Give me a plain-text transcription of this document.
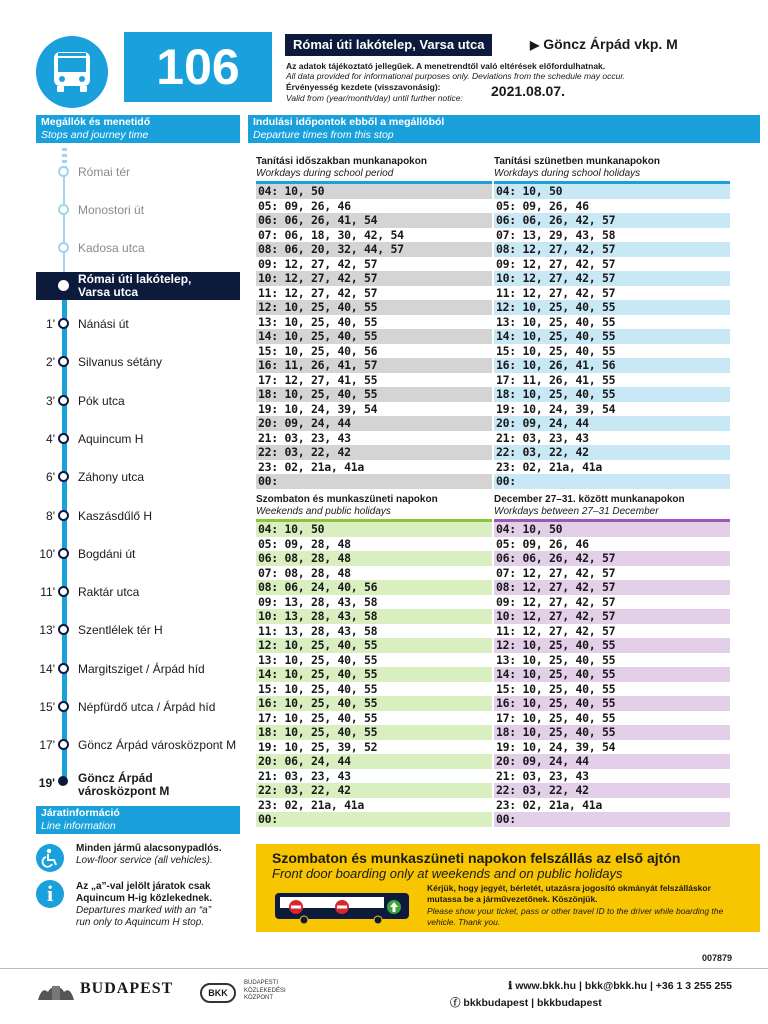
106	Római úti lakótelep, Varsa utca	▶ Göncz Árpád vkp. M
Az adatok tájékoztató jellegűek. A menetrendtől való eltérések előfordulhatnak.
All data provided for informational purposes only. Deviations from the schedule may occur.
Érvényesség kezdete (visszavonásig):
Valid from (year/month/day) until further notice: 2021.08.07.
Megállók és menetidő
Stops and journey time
Indulási időpontok ebből a megállóból
Departure times from this stop
Római tér
Monostori út
Kadosa utca
Római úti lakótelep,
Varsa utca
1' Nánási út
2' Silvanus sétány
3' Pók utca
4' Aquincum H
6' Záhony utca
8' Kaszásdűlő H
10' Bogdáni út
11' Raktár utca
13' Szentlélek tér H
14' Margitsziget / Árpád híd
15' Népfürdő utca / Árpád híd
17' Göncz Árpád városközpont M
19' Göncz Árpád
városközpont M
Tanítási időszakban munkanapokon
Workdays during school period
04: 10, 50
05: 09, 26, 46
06: 06, 26, 41, 54
07: 06, 18, 30, 42, 54
08: 06, 20, 32, 44, 57
09: 12, 27, 42, 57
10: 12, 27, 42, 57
11: 12, 27, 42, 57
12: 10, 25, 40, 55
13: 10, 25, 40, 55
14: 10, 25, 40, 55
15: 10, 25, 40, 56
16: 11, 26, 41, 57
17: 12, 27, 41, 55
18: 10, 25, 40, 55
19: 10, 24, 39, 54
20: 09, 24, 44
21: 03, 23, 43
22: 03, 22, 42
23: 02, 21a, 41a
00:
Tanítási szünetben munkanapokon
Workdays during school holidays
04: 10, 50
05: 09, 26, 46
06: 06, 26, 42, 57
07: 13, 29, 43, 58
08: 12, 27, 42, 57
09: 12, 27, 42, 57
10: 12, 27, 42, 57
11: 12, 27, 42, 57
12: 10, 25, 40, 55
13: 10, 25, 40, 55
14: 10, 25, 40, 55
15: 10, 25, 40, 55
16: 10, 26, 41, 56
17: 11, 26, 41, 55
18: 10, 25, 40, 55
19: 10, 24, 39, 54
20: 09, 24, 44
21: 03, 23, 43
22: 03, 22, 42
23: 02, 21a, 41a
00:
Szombaton és munkaszüneti napokon
Weekends and public holidays
04: 10, 50
05: 09, 28, 48
06: 08, 28, 48
07: 08, 28, 48
08: 06, 24, 40, 56
09: 13, 28, 43, 58
10: 13, 28, 43, 58
11: 13, 28, 43, 58
12: 10, 25, 40, 55
13: 10, 25, 40, 55
14: 10, 25, 40, 55
15: 10, 25, 40, 55
16: 10, 25, 40, 55
17: 10, 25, 40, 55
18: 10, 25, 40, 55
19: 10, 25, 39, 52
20: 06, 24, 44
21: 03, 23, 43
22: 03, 22, 42
23: 02, 21a, 41a
00:
December 27–31. között munkanapokon
Workdays between 27–31 December
04: 10, 50
05: 09, 26, 46
06: 06, 26, 42, 57
07: 12, 27, 42, 57
08: 12, 27, 42, 57
09: 12, 27, 42, 57
10: 12, 27, 42, 57
11: 12, 27, 42, 57
12: 10, 25, 40, 55
13: 10, 25, 40, 55
14: 10, 25, 40, 55
15: 10, 25, 40, 55
16: 10, 25, 40, 55
17: 10, 25, 40, 55
18: 10, 25, 40, 55
19: 10, 24, 39, 54
20: 09, 24, 44
21: 03, 23, 43
22: 03, 22, 42
23: 02, 21a, 41a
00:
Járatinformáció
Line information
Minden jármű alacsonypadlós.
Low-floor service (all vehicles).
i	Az „a”-val jelölt járatok csak
Aquincum H-ig közlekednek.
Departures marked with an “a”
run only to Aquincum H stop.
Szombaton és munkaszüneti napokon felszállás az első ajtón
Front door boarding only at weekends and on public holidays
Kérjük, hogy jegyét, bérletét, utazásra jogosító okmányát felszálláskor mutassa be a járművezetőnek. Köszönjük.
Please show your ticket, pass or other travel ID to the driver while boarding the vehicle. Thank you.
007879
BUDAPEST	BKK
BUDAPESTI
KÖZLEKEDÉSI
KÖZPONT
ℹ www.bkk.hu | bkk@bkk.hu | +36 1 3 255 255
ⓕ bkkbudapest | bkkbudapest
